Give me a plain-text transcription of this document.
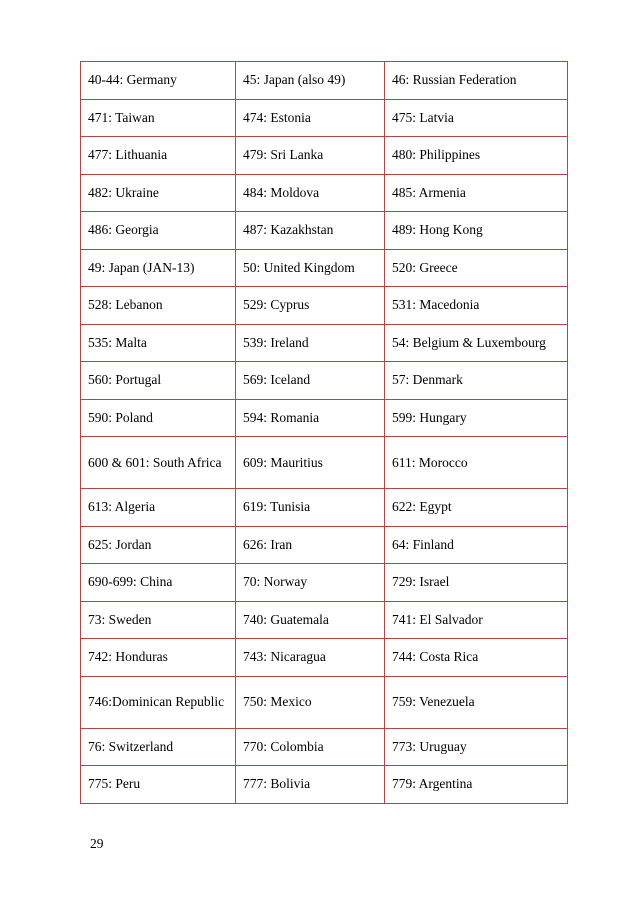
40-44: Germany	45: Japan (also 49)	46: Russian Federation
471: Taiwan	474: Estonia	475: Latvia
477: Lithuania	479: Sri Lanka	480: Philippines
482: Ukraine	484: Moldova	485: Armenia
486: Georgia	487: Kazakhstan	489: Hong Kong
49: Japan (JAN-13)	50: United Kingdom	520: Greece
528: Lebanon	529: Cyprus	531: Macedonia
535: Malta	539: Ireland	54: Belgium & Luxembourg
560: Portugal	569: Iceland	57: Denmark
590: Poland	594: Romania	599: Hungary
600 & 601: South Africa	609: Mauritius	611: Morocco
613: Algeria	619: Tunisia	622: Egypt
625: Jordan	626: Iran	64: Finland
690-699: China	70: Norway	729: Israel
73: Sweden	740: Guatemala	741: El Salvador
742: Honduras	743: Nicaragua	744: Costa Rica
746:Dominican Republic	750: Mexico	759: Venezuela
76: Switzerland	770: Colombia	773: Uruguay
775: Peru	777: Bolivia	779: Argentina
29
